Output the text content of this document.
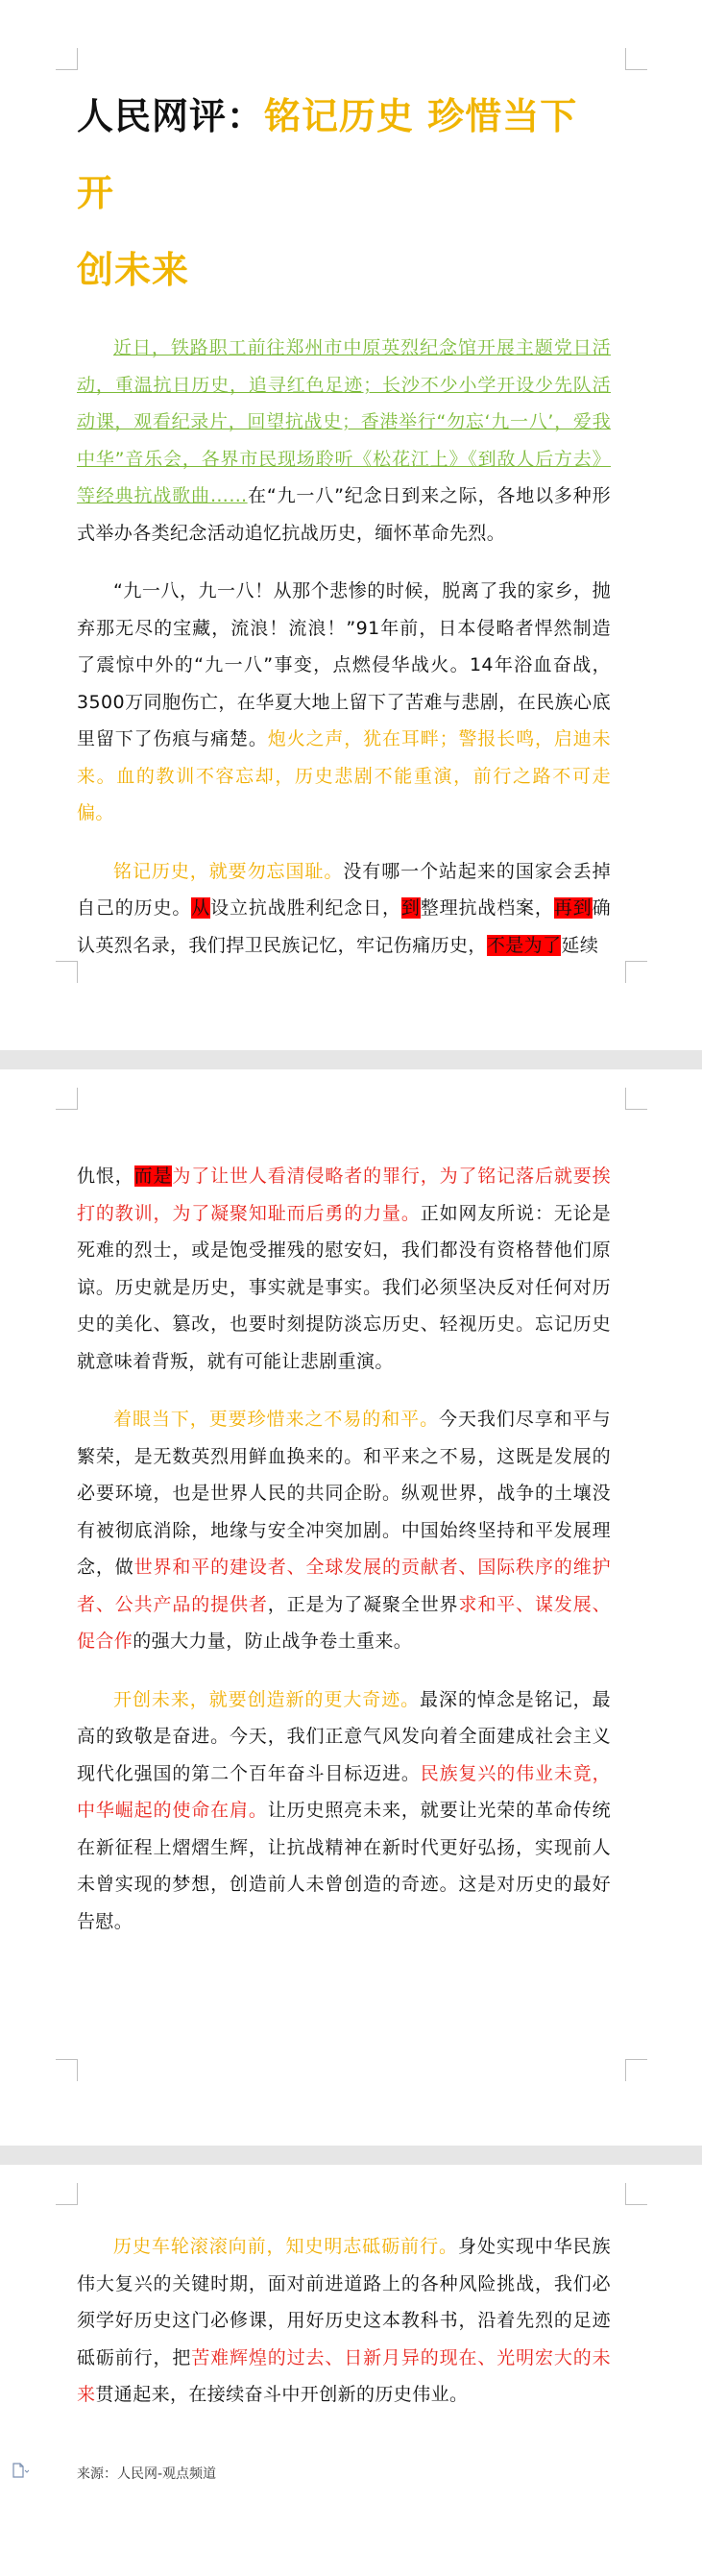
人民网评：铭记历史 珍惜当下 开
创未来

近日，铁路职工前往郑州市中原英烈纪念馆开展主题党日活动，重温抗日历史，追寻红色足迹；长沙不少小学开设少先队活动课，观看纪录片，回望抗战史；香港举行“勿忘‘九一八’，爱我中华”音乐会，各界市民现场聆听《松花江上》《到敌人后方去》等经典抗战歌曲……在“九一八”纪念日到来之际，各地以多种形式举办各类纪念活动追忆抗战历史，缅怀革命先烈。

“九一八，九一八！从那个悲惨的时候，脱离了我的家乡，抛弃那无尽的宝藏，流浪！流浪！”91年前，日本侵略者悍然制造了震惊中外的“九一八”事变，点燃侵华战火。14年浴血奋战，3500万同胞伤亡，在华夏大地上留下了苦难与悲剧，在民族心底里留下了伤痕与痛楚。炮火之声，犹在耳畔；警报长鸣，启迪未来。血的教训不容忘却，历史悲剧不能重演，前行之路不可走偏。

铭记历史，就要勿忘国耻。没有哪一个站起来的国家会丢掉自己的历史。从设立抗战胜利纪念日，到整理抗战档案，再到确认英烈名录，我们捍卫民族记忆，牢记伤痛历史，不是为了延续

仇恨，而是为了让世人看清侵略者的罪行，为了铭记落后就要挨打的教训，为了凝聚知耻而后勇的力量。正如网友所说：无论是死难的烈士，或是饱受摧残的慰安妇，我们都没有资格替他们原谅。历史就是历史，事实就是事实。我们必须坚决反对任何对历史的美化、篡改，也要时刻提防淡忘历史、轻视历史。忘记历史就意味着背叛，就有可能让悲剧重演。

着眼当下，更要珍惜来之不易的和平。今天我们尽享和平与繁荣，是无数英烈用鲜血换来的。和平来之不易，这既是发展的必要环境，也是世界人民的共同企盼。纵观世界，战争的土壤没有被彻底消除，地缘与安全冲突加剧。中国始终坚持和平发展理念，做世界和平的建设者、全球发展的贡献者、国际秩序的维护者、公共产品的提供者，正是为了凝聚全世界求和平、谋发展、促合作的强大力量，防止战争卷土重来。

开创未来，就要创造新的更大奇迹。最深的悼念是铭记，最高的致敬是奋进。今天，我们正意气风发向着全面建成社会主义现代化强国的第二个百年奋斗目标迈进。民族复兴的伟业未竟，中华崛起的使命在肩。让历史照亮未来，就要让光荣的革命传统在新征程上熠熠生辉，让抗战精神在新时代更好弘扬，实现前人未曾实现的梦想，创造前人未曾创造的奇迹。这是对历史的最好告慰。

历史车轮滚滚向前，知史明志砥砺前行。身处实现中华民族伟大复兴的关键时期，面对前进道路上的各种风险挑战，我们必须学好历史这门必修课，用好历史这本教科书，沿着先烈的足迹砥砺前行，把苦难辉煌的过去、日新月异的现在、光明宏大的未来贯通起来，在接续奋斗中开创新的历史伟业。

来源：人民网-观点频道
